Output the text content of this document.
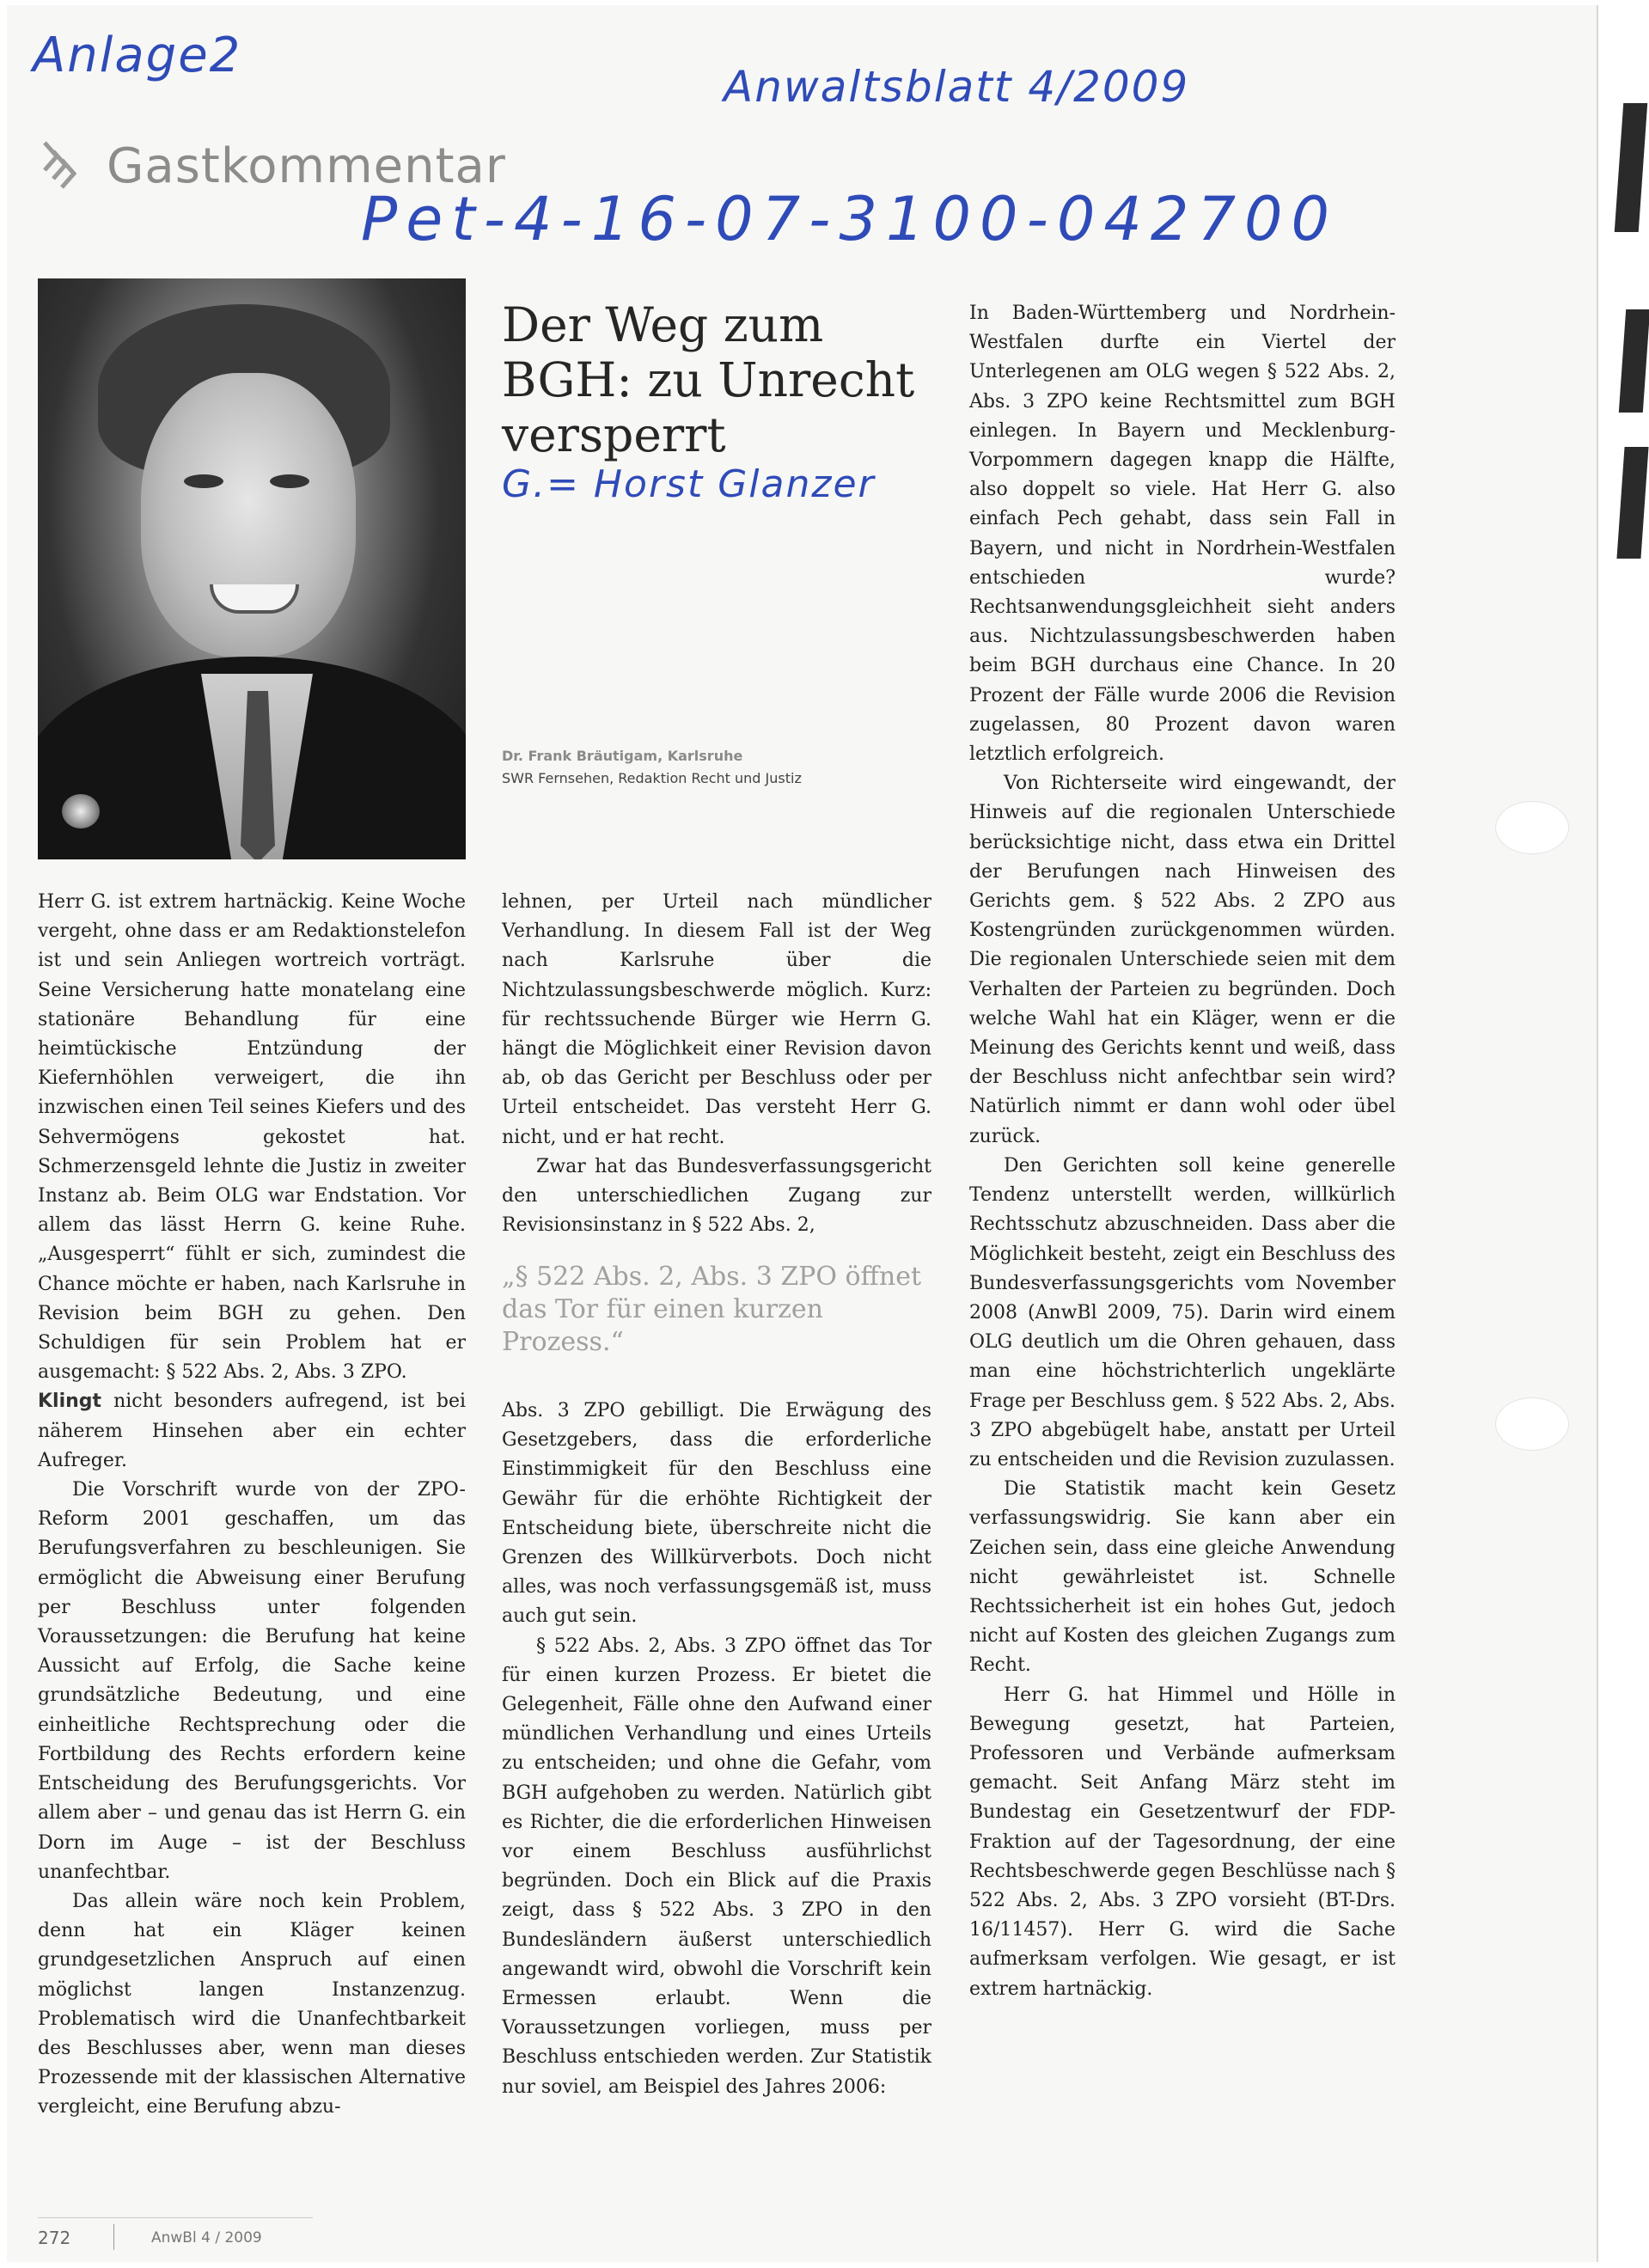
Anlage2
Anwaltsblatt 4/2009
Pet-4-16-07-3100-042700
G.= Horst Glanzer
Gastkommentar
Der Weg zum BGH: zu Unrecht versperrt
Dr. Frank Bräutigam, Karlsruhe
SWR Fernsehen, Redaktion Recht und Justiz

Herr G. ist extrem hartnäckig. Keine Woche vergeht, ohne dass er am Redaktionstelefon ist und sein Anliegen wortreich vorträgt. Seine Versicherung hatte monatelang eine stationäre Behandlung für eine heimtückische Entzündung der Kiefernhöhlen verweigert, die ihn inzwischen einen Teil seines Kiefers und des Sehvermögens gekostet hat. Schmerzensgeld lehnte die Justiz in zweiter Instanz ab. Beim OLG war Endstation. Vor allem das lässt Herrn G. keine Ruhe. „Ausgesperrt“ fühlt er sich, zumindest die Chance möchte er haben, nach Karlsruhe in Revision beim BGH zu gehen. Den Schuldigen für sein Problem hat er ausgemacht: § 522 Abs. 2, Abs. 3 ZPO.

Klingt nicht besonders aufregend, ist bei näherem Hinsehen aber ein echter Aufreger.

Die Vorschrift wurde von der ZPO-Reform 2001 geschaffen, um das Berufungsverfahren zu beschleunigen. Sie ermöglicht die Abweisung einer Berufung per Beschluss unter folgenden Voraussetzungen: die Berufung hat keine Aussicht auf Erfolg, die Sache keine grundsätzliche Bedeutung, und eine einheitliche Rechtsprechung oder die Fortbildung des Rechts erfordern keine Entscheidung des Berufungsgerichts. Vor allem aber – und genau das ist Herrn G. ein Dorn im Auge – ist der Beschluss unanfechtbar.

Das allein wäre noch kein Problem, denn hat ein Kläger keinen grundgesetzlichen Anspruch auf einen möglichst langen Instanzenzug. Problematisch wird die Unanfechtbarkeit des Beschlusses aber, wenn man dieses Prozessende mit der klassischen Alternative vergleicht, eine Berufung abzu-

lehnen, per Urteil nach mündlicher Verhandlung. In diesem Fall ist der Weg nach Karlsruhe über die Nichtzulassungsbeschwerde möglich. Kurz: für rechtssuchende Bürger wie Herrn G. hängt die Möglichkeit einer Revision davon ab, ob das Gericht per Beschluss oder per Urteil entscheidet. Das versteht Herr G. nicht, und er hat recht.

Zwar hat das Bundesverfassungsgericht den unterschiedlichen Zugang zur Revisionsinstanz in § 522 Abs. 2,

„§ 522 Abs. 2, Abs. 3 ZPO öffnet das Tor für einen kurzen Prozess.“

Abs. 3 ZPO gebilligt. Die Erwägung des Gesetzgebers, dass die erforderliche Einstimmigkeit für den Beschluss eine Gewähr für die erhöhte Richtigkeit der Entscheidung biete, überschreite nicht die Grenzen des Willkürverbots. Doch nicht alles, was noch verfassungsgemäß ist, muss auch gut sein.

§ 522 Abs. 2, Abs. 3 ZPO öffnet das Tor für einen kurzen Prozess. Er bietet die Gelegenheit, Fälle ohne den Aufwand einer mündlichen Verhandlung und eines Urteils zu entscheiden; und ohne die Gefahr, vom BGH aufgehoben zu werden. Natürlich gibt es Richter, die die erforderlichen Hinweisen vor einem Beschluss ausführlichst begründen. Doch ein Blick auf die Praxis zeigt, dass § 522 Abs. 3 ZPO in den Bundesländern äußerst unterschiedlich angewandt wird, obwohl die Vorschrift kein Ermessen erlaubt. Wenn die Voraussetzungen vorliegen, muss per Beschluss entschieden werden. Zur Statistik nur soviel, am Beispiel des Jahres 2006:

In Baden-Württemberg und Nordrhein-Westfalen durfte ein Viertel der Unterlegenen am OLG wegen § 522 Abs. 2, Abs. 3 ZPO keine Rechtsmittel zum BGH einlegen. In Bayern und Mecklenburg-Vorpommern dagegen knapp die Hälfte, also doppelt so viele. Hat Herr G. also einfach Pech gehabt, dass sein Fall in Bayern, und nicht in Nordrhein-Westfalen entschieden wurde? Rechtsanwendungsgleichheit sieht anders aus. Nichtzulassungsbeschwerden haben beim BGH durchaus eine Chance. In 20 Prozent der Fälle wurde 2006 die Revision zugelassen, 80 Prozent davon waren letztlich erfolgreich.

Von Richterseite wird eingewandt, der Hinweis auf die regionalen Unterschiede berücksichtige nicht, dass etwa ein Drittel der Berufungen nach Hinweisen des Gerichts gem. § 522 Abs. 2 ZPO aus Kostengründen zurückgenommen würden. Die regionalen Unterschiede seien mit dem Verhalten der Parteien zu begründen. Doch welche Wahl hat ein Kläger, wenn er die Meinung des Gerichts kennt und weiß, dass der Beschluss nicht anfechtbar sein wird? Natürlich nimmt er dann wohl oder übel zurück.

Den Gerichten soll keine generelle Tendenz unterstellt werden, willkürlich Rechtsschutz abzuschneiden. Dass aber die Möglichkeit besteht, zeigt ein Beschluss des Bundesverfassungsgerichts vom November 2008 (AnwBl 2009, 75). Darin wird einem OLG deutlich um die Ohren gehauen, dass man eine höchstrichterlich ungeklärte Frage per Beschluss gem. § 522 Abs. 2, Abs. 3 ZPO abgebügelt habe, anstatt per Urteil zu entscheiden und die Revision zuzulassen.

Die Statistik macht kein Gesetz verfassungswidrig. Sie kann aber ein Zeichen sein, dass eine gleiche Anwendung nicht gewährleistet ist. Schnelle Rechtssicherheit ist ein hohes Gut, jedoch nicht auf Kosten des gleichen Zugangs zum Recht.

Herr G. hat Himmel und Hölle in Bewegung gesetzt, hat Parteien, Professoren und Verbände aufmerksam gemacht. Seit Anfang März steht im Bundestag ein Gesetzentwurf der FDP-Fraktion auf der Tagesordnung, der eine Rechtsbeschwerde gegen Beschlüsse nach § 522 Abs. 2, Abs. 3 ZPO vorsieht (BT-Drs. 16/11457). Herr G. wird die Sache aufmerksam verfolgen. Wie gesagt, er ist extrem hartnäckig.

272	AnwBl 4 / 2009
